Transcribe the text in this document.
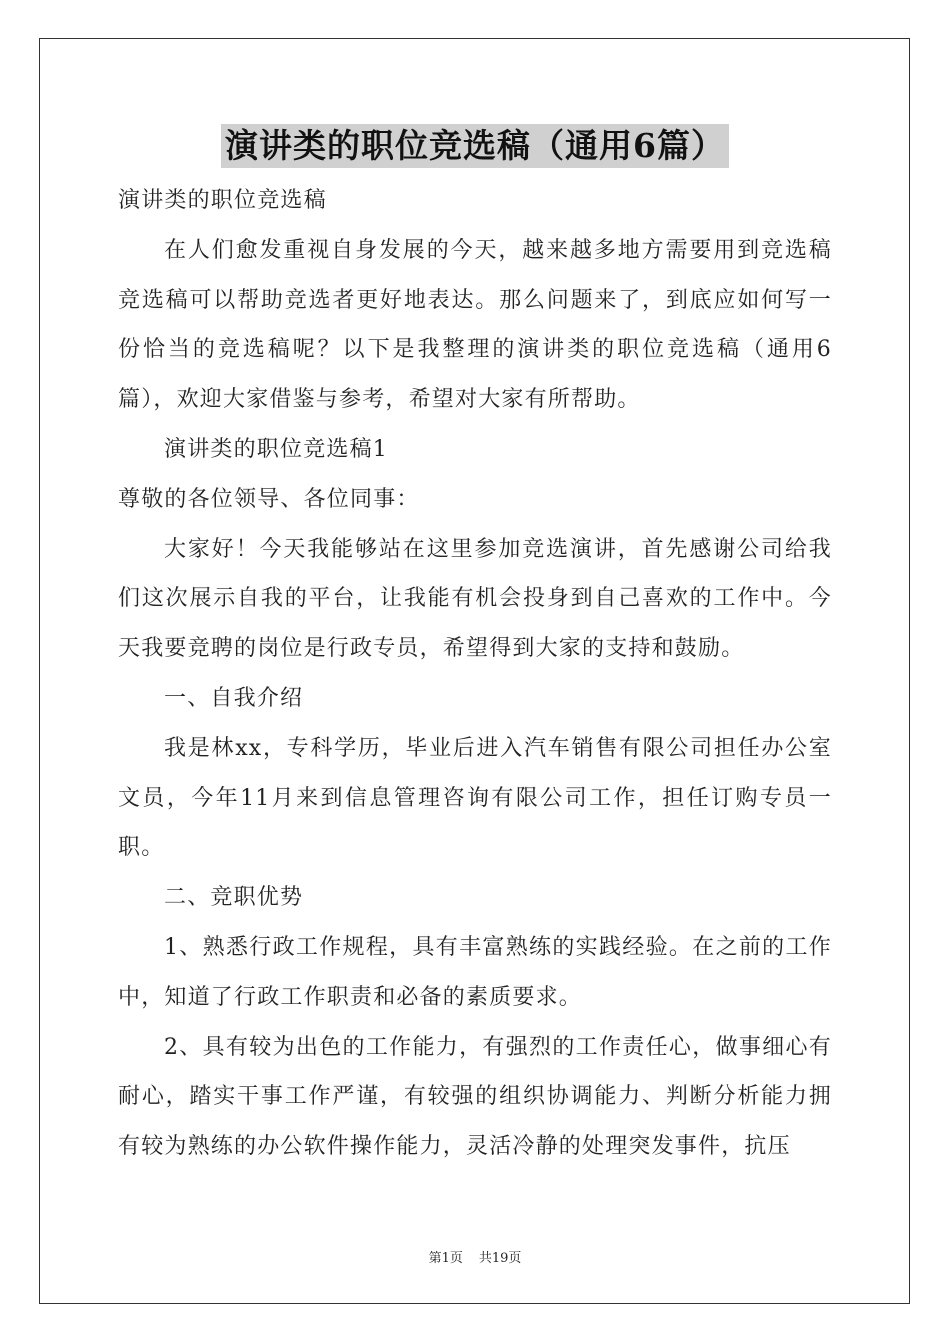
演讲类的职位竞选稿（通用6篇）

演讲类的职位竞选稿

在人们愈发重视自身发展的今天，越来越多地方需要用到竞选稿竞选稿可以帮助竞选者更好地表达。那么问题来了，到底应如何写一份恰当的竞选稿呢？以下是我整理的演讲类的职位竞选稿（通用6篇），欢迎大家借鉴与参考，希望对大家有所帮助。

演讲类的职位竞选稿1

尊敬的各位领导、各位同事：

大家好！今天我能够站在这里参加竞选演讲，首先感谢公司给我们这次展示自我的平台，让我能有机会投身到自己喜欢的工作中。今天我要竞聘的岗位是行政专员，希望得到大家的支持和鼓励。

一、自我介绍

我是林xx，专科学历，毕业后进入汽车销售有限公司担任办公室文员，今年11月来到信息管理咨询有限公司工作，担任订购专员一职。

二、竞职优势

1、熟悉行政工作规程，具有丰富熟练的实践经验。在之前的工作中，知道了行政工作职责和必备的素质要求。

2、具有较为出色的工作能力，有强烈的工作责任心，做事细心有耐心，踏实干事工作严谨，有较强的组织协调能力、判断分析能力拥有较为熟练的办公软件操作能力，灵活冷静的处理突发事件，抗压

第1页 共19页
